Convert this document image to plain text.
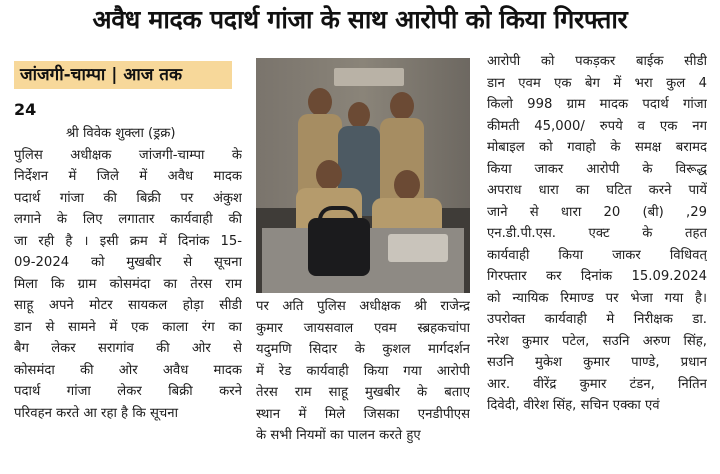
अवैध मादक पदार्थ गांजा के साथ आरोपी को किया गिरफ्तार
जांजगी-चाम्पा | आज तक
24
श्री विवेक शुक्ला (ड्रक्र)
पुलिस अधीक्षक जांजगी-चाम्पा के
निर्देशन में जिले में अवैध मादक
पदार्थ गांजा की बिक्री पर अंकुश
लगाने के लिए लगातार कार्यवाही की
जा रही है । इसी क्रम में दिनांक 15-
09-2024 को मुखबीर से सूचना
मिला कि ग्राम कोसमंदा का तेरस राम
साहू अपने मोटर सायकल होड़ा सीडी
डान से सामने में एक काला रंग का
बैग लेकर सरागांव की ओर से
कोसमंदा की ओर अवैध मादक
पदार्थ गांजा लेकर बिक्री करने
परिवहन करते आ रहा है कि सूचना
पर अति पुलिस अधीक्षक श्री राजेन्द्र
कुमार जायसवाल एवम स्ब्रहकचांपा
यदुमणि सिदार के कुशल मार्गदर्शन
में रेड कार्यवाही किया गया आरोपी
तेरस राम साहू मुखबीर के बताए
स्थान में मिले जिसका एनडीपीएस
के सभी नियमों का पालन करते हुए
आरोपी को पकड़कर बाईक सीडी
डान एवम एक बेग में भरा कुल 4
किलो 998 ग्राम मादक पदार्थ गांजा
कीमती 45,000/ रुपये व एक नग
मोबाइल को गवाहो के समक्ष बरामद
किया जाकर आरोपी के विरूद्ध
अपराध धारा का घटित करने पायें
जाने से धारा 20 (बी) ,29
एन.डी.पी.एस. एक्ट के तहत
कार्यवाही किया जाकर विधिवत्
गिरफ्तार कर दिनांक 15.09.2024
को न्यायिक रिमाण्ड पर भेजा गया है।
उपरोक्त कार्यवाही मे निरीक्षक डा.
नरेश कुमार पटेल, सउनि अरुण सिंह,
सउनि मुकेश कुमार पाण्डे, प्रधान
आर. वीरेंद्र कुमार टंडन, नितिन
दिवेदी, वीरेश सिंह, सचिन एक्का एवं
